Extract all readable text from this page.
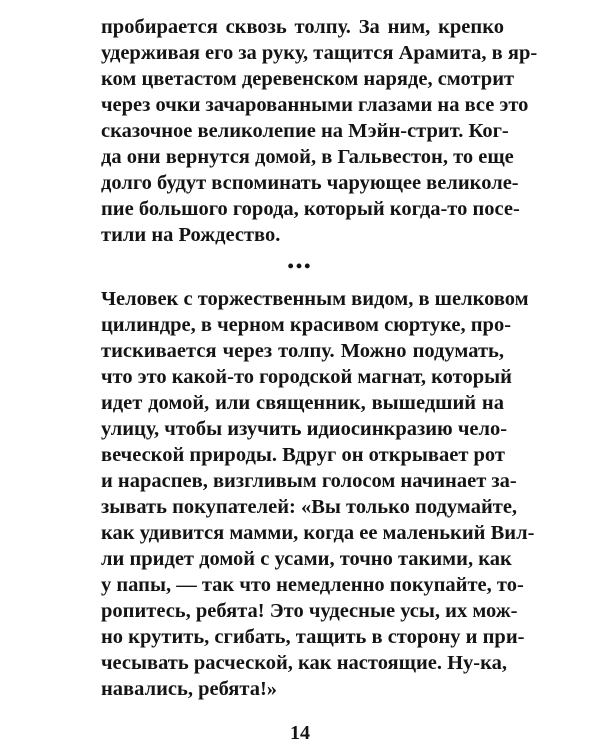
пробирается сквозь толпу. За ним, крепко
удерживая его за руку, тащится Арамита, в яр-
ком цветастом деревенском наряде, смотрит
через очки зачарованными глазами на все это
сказочное великолепие на Мэйн-стрит. Ког-
да они вернутся домой, в Гальвестон, то еще
долго будут вспоминать чарующее великоле-
пие большого города, который когда-то посе-
тили на Рождество.
•••
Человек с торжественным видом, в шелковом
цилиндре, в черном красивом сюртуке, про-
тискивается через толпу. Можно подумать,
что это какой-то городской магнат, который
идет домой, или священник, вышедший на
улицу, чтобы изучить идиосинкразию чело-
веческой природы. Вдруг он открывает рот
и нараспев, визгливым голосом начинает за-
зывать покупателей: «Вы только подумайте,
как удивится мамми, когда ее маленький Вил-
ли придет домой с усами, точно такими, как
у папы, — так что немедленно покупайте, то-
ропитесь, ребята! Это чудесные усы, их мож-
но крутить, сгибать, тащить в сторону и при-
чесывать расческой, как настоящие. Ну-ка,
навались, ребята!»
14
